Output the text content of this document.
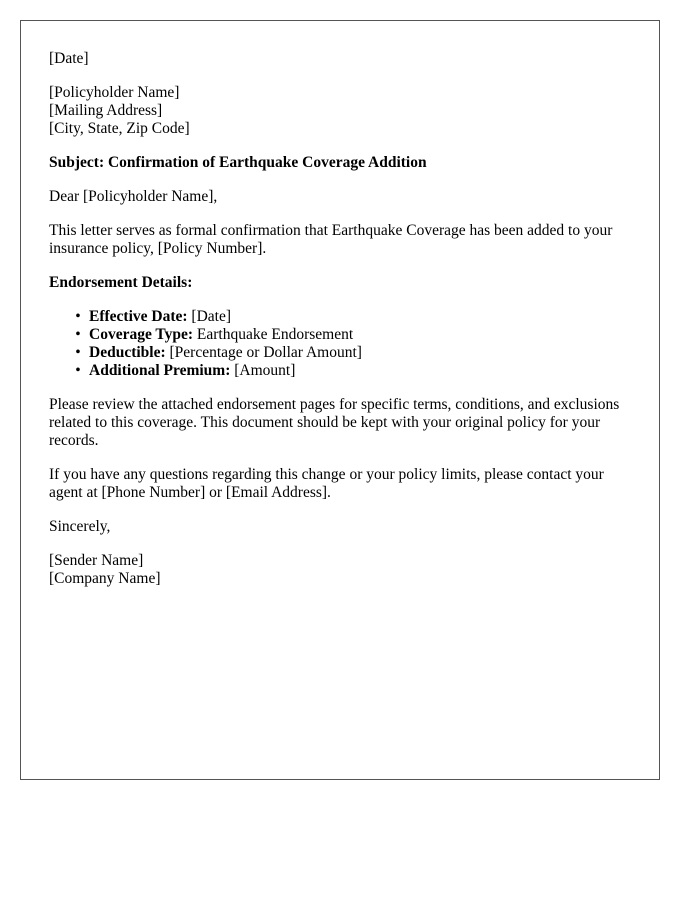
[Date]

[Policyholder Name]
[Mailing Address]
[City, State, Zip Code]

Subject: Confirmation of Earthquake Coverage Addition

Dear [Policyholder Name],

This letter serves as formal confirmation that Earthquake Coverage has been added to your insurance policy, [Policy Number].

Endorsement Details:

• Effective Date: [Date]
• Coverage Type: Earthquake Endorsement
• Deductible: [Percentage or Dollar Amount]
• Additional Premium: [Amount]

Please review the attached endorsement pages for specific terms, conditions, and exclusions related to this coverage. This document should be kept with your original policy for your records.

If you have any questions regarding this change or your policy limits, please contact your agent at [Phone Number] or [Email Address].

Sincerely,

[Sender Name]
[Company Name]
